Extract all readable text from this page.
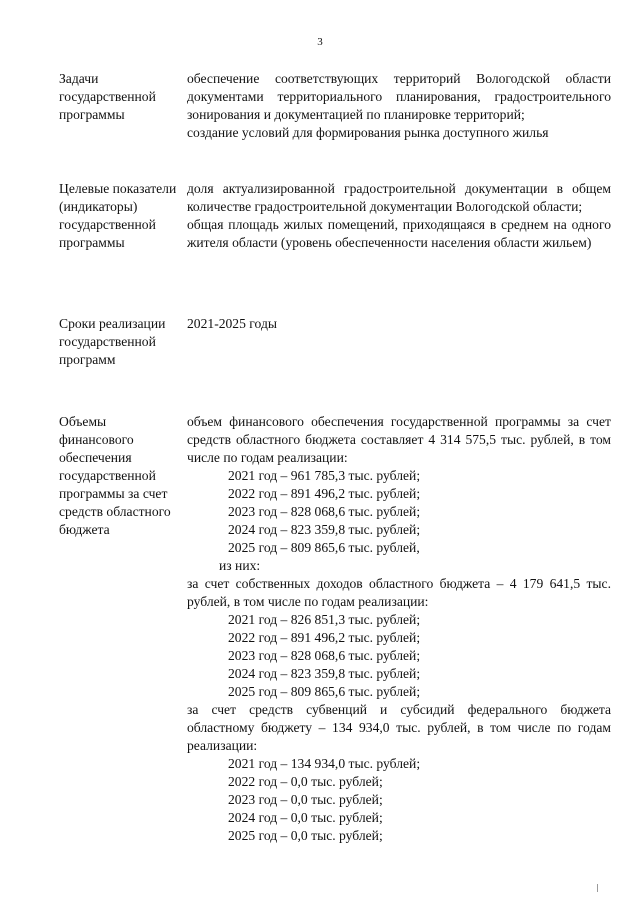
3
Задачи государственной программы
обеспечение соответствующих территорий Вологодской области документами территориального планирования, градостроительного зонирования и документацией по планировке территорий;
создание условий для формирования рынка доступного жилья
Целевые показатели (индикаторы) государственной программы
доля актуализированной градостроительной документации в общем количестве градостроительной документации Вологодской области;
общая площадь жилых помещений, приходящаяся в среднем на одного жителя области (уровень обеспеченности населения области жильем)
Сроки реализации государственной программ
2021-2025 годы
Объемы финансового обеспечения государственной программы за счет средств областного бюджета
объем финансового обеспечения государственной программы за счет средств областного бюджета составляет 4 314 575,5 тыс. рублей, в том числе по годам реализации:
2021 год – 961 785,3 тыс. рублей;
2022 год – 891 496,2 тыс. рублей;
2023 год – 828 068,6 тыс. рублей;
2024 год – 823 359,8 тыс. рублей;
2025 год – 809 865,6 тыс. рублей,
из них:
за счет собственных доходов областного бюджета – 4 179 641,5 тыс. рублей, в том числе по годам реализации:
2021 год – 826 851,3 тыс. рублей;
2022 год – 891 496,2 тыс. рублей;
2023 год – 828 068,6 тыс. рублей;
2024 год – 823 359,8 тыс. рублей;
2025 год – 809 865,6 тыс. рублей;
за счет средств субвенций и субсидий федерального бюджета областному бюджету – 134 934,0 тыс. рублей, в том числе по годам реализации:
2021 год – 134 934,0 тыс. рублей;
2022 год – 0,0 тыс. рублей;
2023 год – 0,0 тыс. рублей;
2024 год – 0,0 тыс. рублей;
2025 год – 0,0 тыс. рублей;
